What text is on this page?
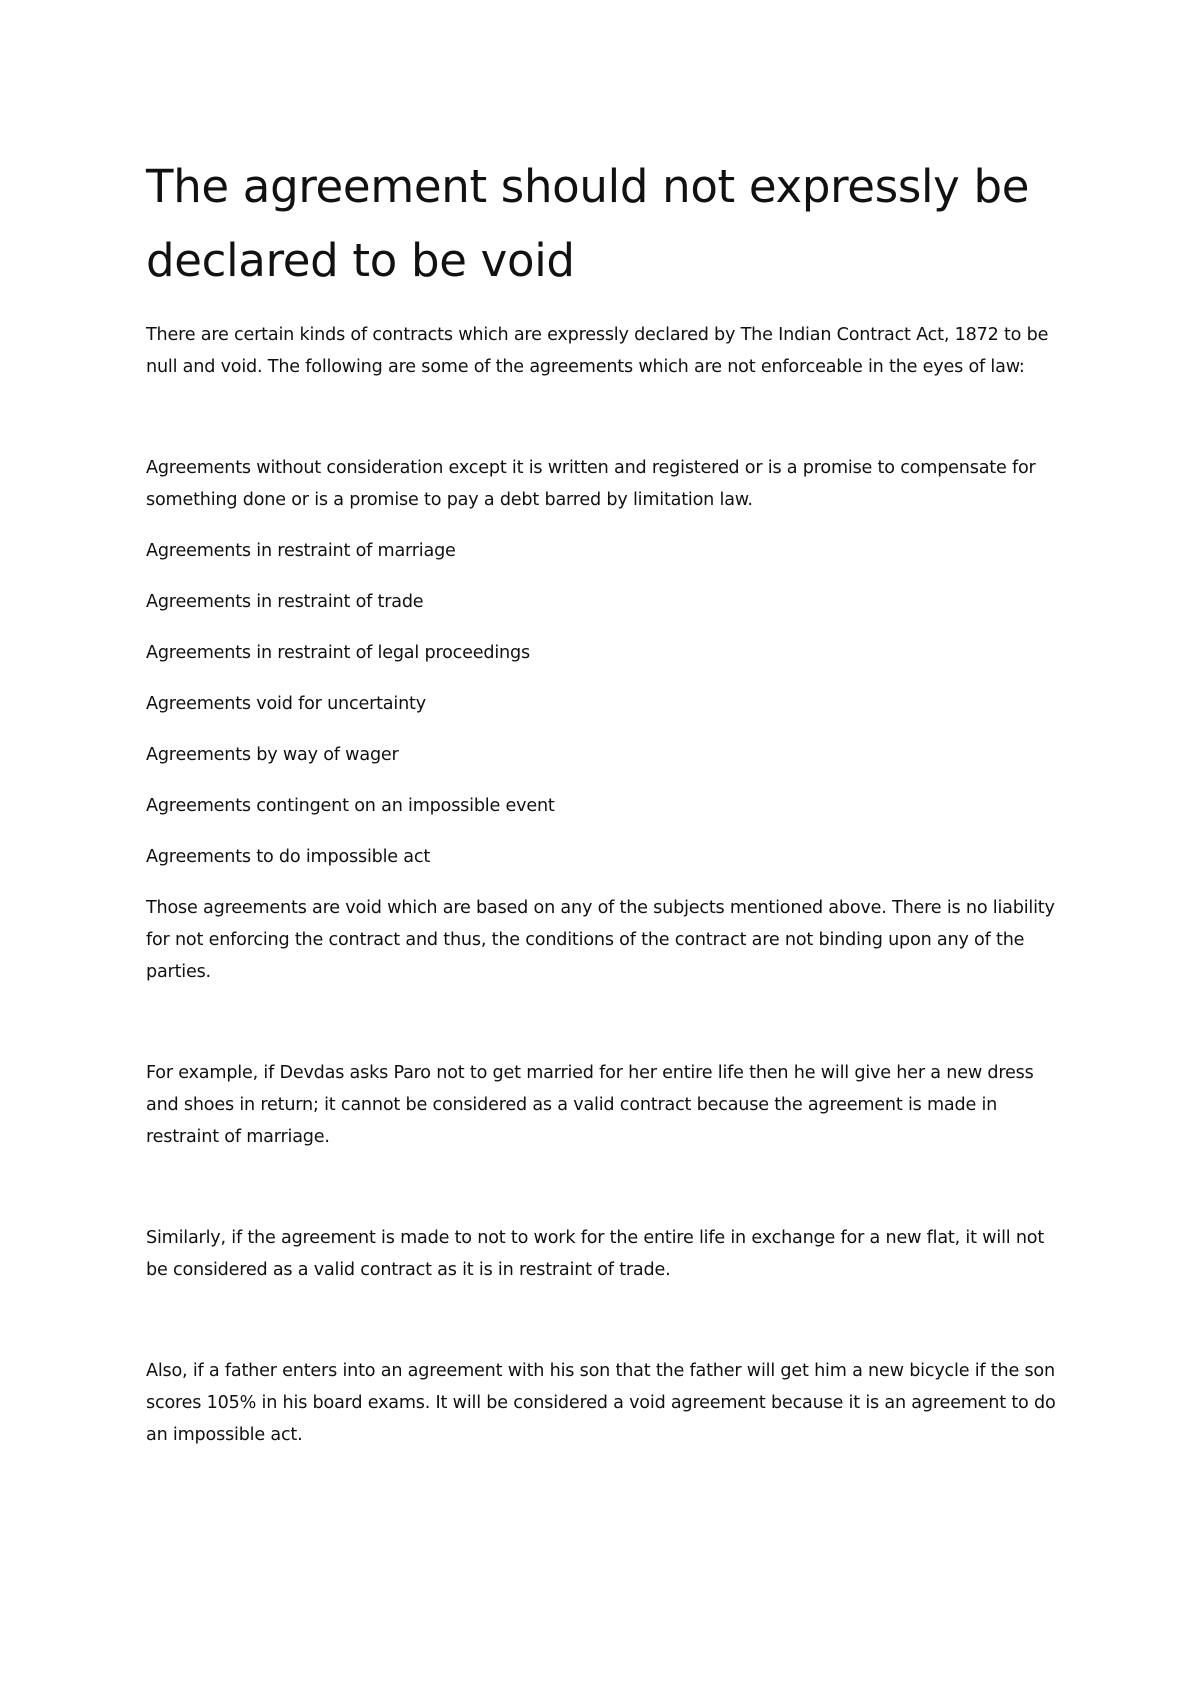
The agreement should not expressly be declared to be void

There are certain kinds of contracts which are expressly declared by The Indian Contract Act, 1872 to be null and void. The following are some of the agreements which are not enforceable in the eyes of law:

Agreements without consideration except it is written and registered or is a promise to compensate for something done or is a promise to pay a debt barred by limitation law.

Agreements in restraint of marriage

Agreements in restraint of trade

Agreements in restraint of legal proceedings

Agreements void for uncertainty

Agreements by way of wager

Agreements contingent on an impossible event

Agreements to do impossible act

Those agreements are void which are based on any of the subjects mentioned above. There is no liability for not enforcing the contract and thus, the conditions of the contract are not binding upon any of the parties.

For example, if Devdas asks Paro not to get married for her entire life then he will give her a new dress and shoes in return; it cannot be considered as a valid contract because the agreement is made in restraint of marriage.

Similarly, if the agreement is made to not to work for the entire life in exchange for a new flat, it will not be considered as a valid contract as it is in restraint of trade.

Also, if a father enters into an agreement with his son that the father will get him a new bicycle if the son scores 105% in his board exams. It will be considered a void agreement because it is an agreement to do an impossible act.
